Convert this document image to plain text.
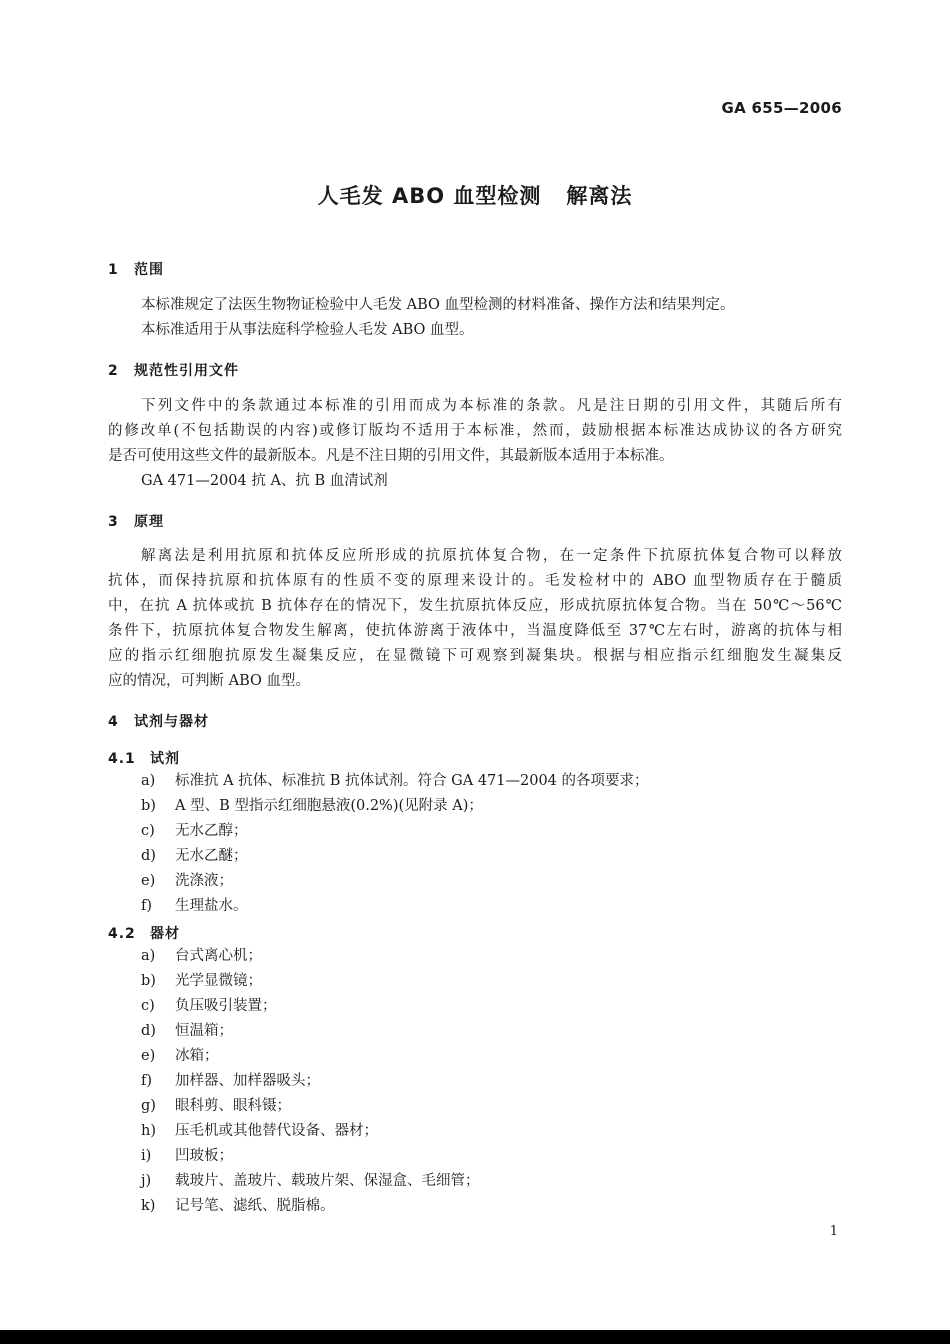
GA 655—2006
人毛发 ABO 血型检测   解离法
1 范围
本标准规定了法医生物物证检验中人毛发 ABO 血型检测的材料准备、操作方法和结果判定。
本标准适用于从事法庭科学检验人毛发 ABO 血型。
2 规范性引用文件
下列文件中的条款通过本标准的引用而成为本标准的条款。凡是注日期的引用文件，其随后所有
的修改单(不包括勘误的内容)或修订版均不适用于本标准，然而，鼓励根据本标准达成协议的各方研究
是否可使用这些文件的最新版本。凡是不注日期的引用文件，其最新版本适用于本标准。
GA 471—2004 抗 A、抗 B 血清试剂
3 原理
解离法是利用抗原和抗体反应所形成的抗原抗体复合物，在一定条件下抗原抗体复合物可以释放
抗体，而保持抗原和抗体原有的性质不变的原理来设计的。毛发检材中的 ABO 血型物质存在于髓质
中，在抗 A 抗体或抗 B 抗体存在的情况下，发生抗原抗体反应，形成抗原抗体复合物。当在 50℃～56℃
条件下，抗原抗体复合物发生解离，使抗体游离于液体中，当温度降低至 37℃左右时，游离的抗体与相
应的指示红细胞抗原发生凝集反应，在显微镜下可观察到凝集块。根据与相应指示红细胞发生凝集反
应的情况，可判断 ABO 血型。
4 试剂与器材
4.1 试剂
a) 标准抗 A 抗体、标准抗 B 抗体试剂。符合 GA 471—2004 的各项要求；
b) A 型、B 型指示红细胞悬液(0.2%)(见附录 A)；
c) 无水乙醇；
d) 无水乙醚；
e) 洗涤液；
f) 生理盐水。
4.2 器材
a) 台式离心机；
b) 光学显微镜；
c) 负压吸引装置；
d) 恒温箱；
e) 冰箱；
f) 加样器、加样器吸头；
g) 眼科剪、眼科镊；
h) 压毛机或其他替代设备、器材；
i) 凹玻板；
j) 载玻片、盖玻片、载玻片架、保湿盒、毛细管；
k) 记号笔、滤纸、脱脂棉。
1
